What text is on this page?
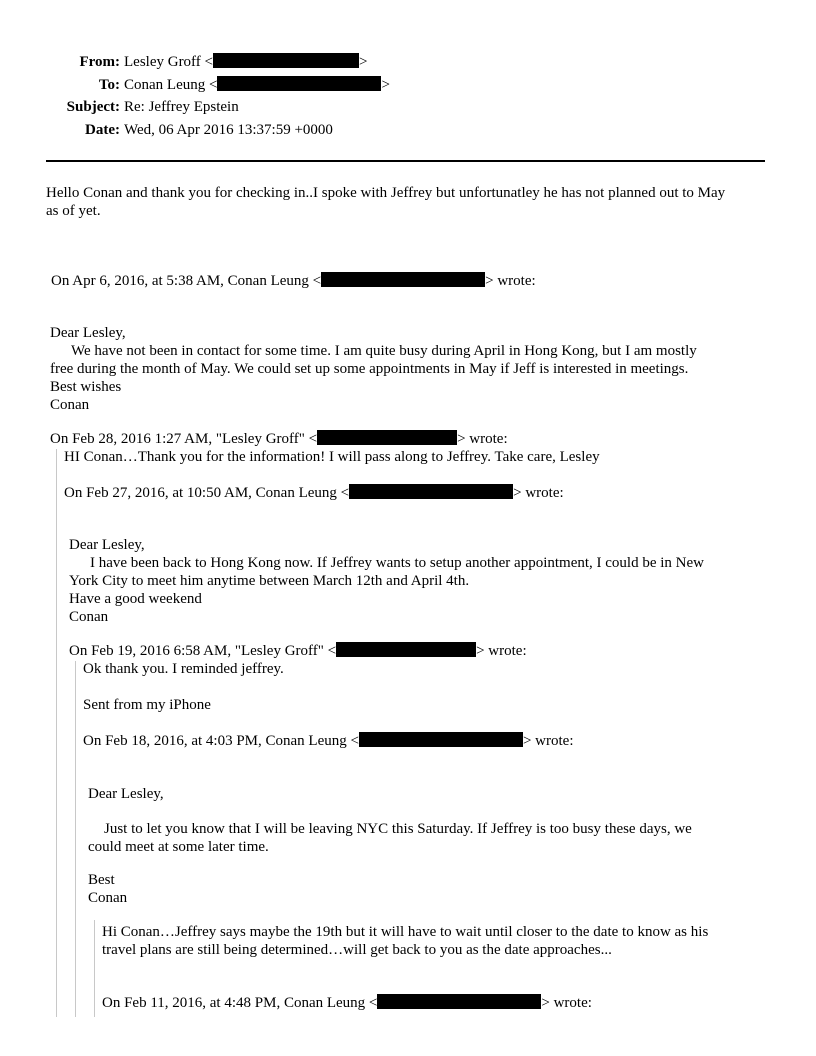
From: Lesley Groff <	>
To: Conan Leung <	>
Subject: Re: Jeffrey Epstein
Date: Wed, 06 Apr 2016 13:37:59 +0000
Hello Conan and thank you for checking in..I spoke with Jeffrey but unfortunatley he has not planned out to May
as of yet.
On Apr 6, 2016, at 5:38 AM, Conan Leung <	> wrote:
Dear Lesley,
We have not been in contact for some time. I am quite busy during April in Hong Kong, but I am mostly
free during the month of May. We could set up some appointments in May if Jeff is interested in meetings.
Best wishes
Conan
On Feb 28, 2016 1:27 AM, "Lesley Groff" <	> wrote:
HI Conan…Thank you for the information! I will pass along to Jeffrey. Take care, Lesley
On Feb 27, 2016, at 10:50 AM, Conan Leung <	> wrote:
Dear Lesley,
I have been back to Hong Kong now. If Jeffrey wants to setup another appointment, I could be in New
York City to meet him anytime between March 12th and April 4th.
Have a good weekend
Conan
On Feb 19, 2016 6:58 AM, "Lesley Groff" <	> wrote:
Ok thank you. I reminded jeffrey.
Sent from my iPhone
On Feb 18, 2016, at 4:03 PM, Conan Leung <	> wrote:
Dear Lesley,
Just to let you know that I will be leaving NYC this Saturday. If Jeffrey is too busy these days, we
could meet at some later time.
Best
Conan
Hi Conan…Jeffrey says maybe the 19th but it will have to wait until closer to the date to know as his
travel plans are still being determined…will get back to you as the date approaches...
On Feb 11, 2016, at 4:48 PM, Conan Leung <	> wrote:
